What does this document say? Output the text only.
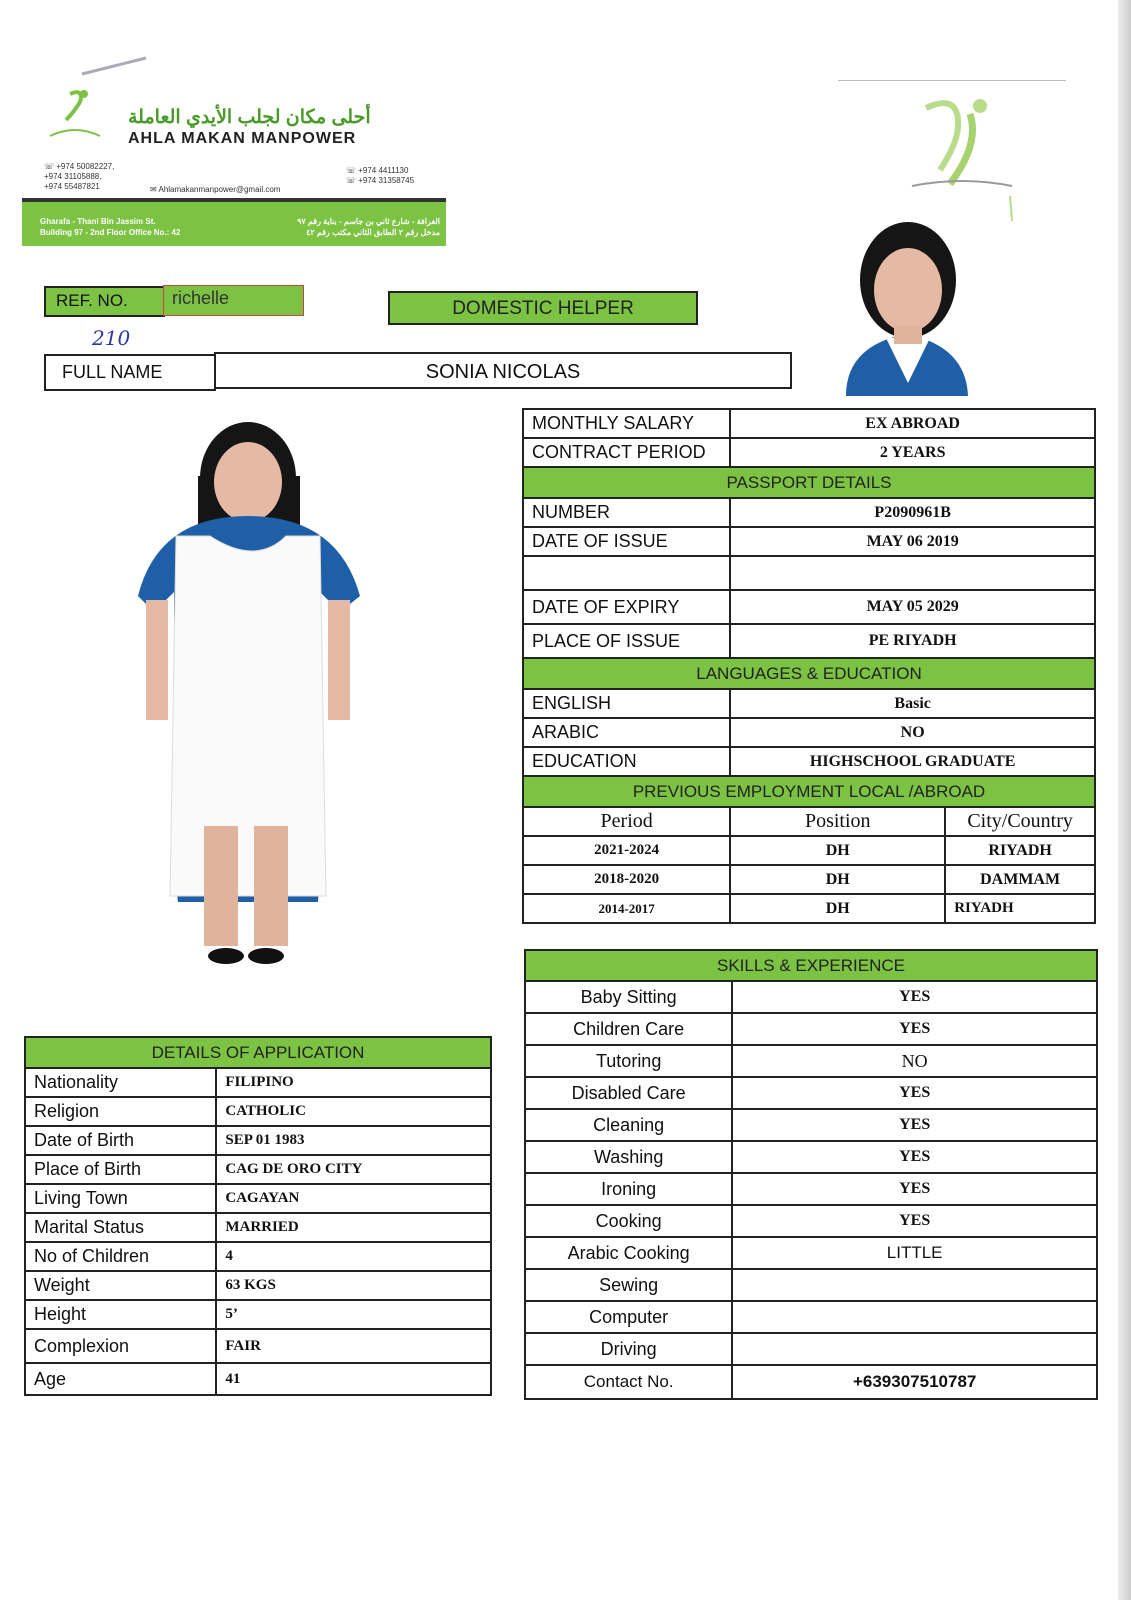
أحلى مكان لجلب الأيدي العاملة
AHLA MAKAN MANPOWER
☏ +974 50082227,
+974 31105888,
+974 55487821
☏ +974 4411130
☏ +974 31358745
✉ Ahlamakanmanpower@gmail.com
Gharafa - Thani Bin Jassim St.
Building 97 - 2nd Floor Office No.: 42
الغرافة - شارع ثاني بن جاسم - بناية رقم ٩٧
مدخل رقم ٢ الطابق الثاني مكتب رقم ٤٢
REF. NO.	richelle
210
DOMESTIC HELPER
FULL NAME	SONIA NICOLAS
MONTHLY SALARY	EX ABROAD	
CONTRACT PERIOD	2 YEARS	
PASSPORT DETAILS		
NUMBER	P2090961B	
DATE OF ISSUE	MAY 06 2019	

DATE OF EXPIRY	MAY 05 2029	
PLACE OF ISSUE	PE RIYADH	
LANGUAGES & EDUCATION		
ENGLISH	Basic	
ARABIC	NO	
EDUCATION	HIGHSCHOOL GRADUATE	
PREVIOUS EMPLOYMENT LOCAL /ABROAD		
Period	Position	City/Country
2021-2024	DH	RIYADH
2018-2020	DH	DAMMAM
2014-2017	DH	RIYADH
SKILLS & EXPERIENCE	
Baby Sitting	YES
Children Care	YES
Tutoring	NO
Disabled Care	YES
Cleaning	YES
Washing	YES
Ironing	YES
Cooking	YES
Arabic Cooking	LITTLE
Sewing	
Computer	
Driving	
Contact No.	+639307510787
DETAILS OF APPLICATION	
Nationality	FILIPINO
Religion	CATHOLIC
Date of Birth	SEP 01 1983
Place of Birth	CAG DE ORO CITY
Living Town	CAGAYAN
Marital Status	MARRIED
No of Children	4
Weight	63 KGS
Height	5’
Complexion	FAIR
Age	41
